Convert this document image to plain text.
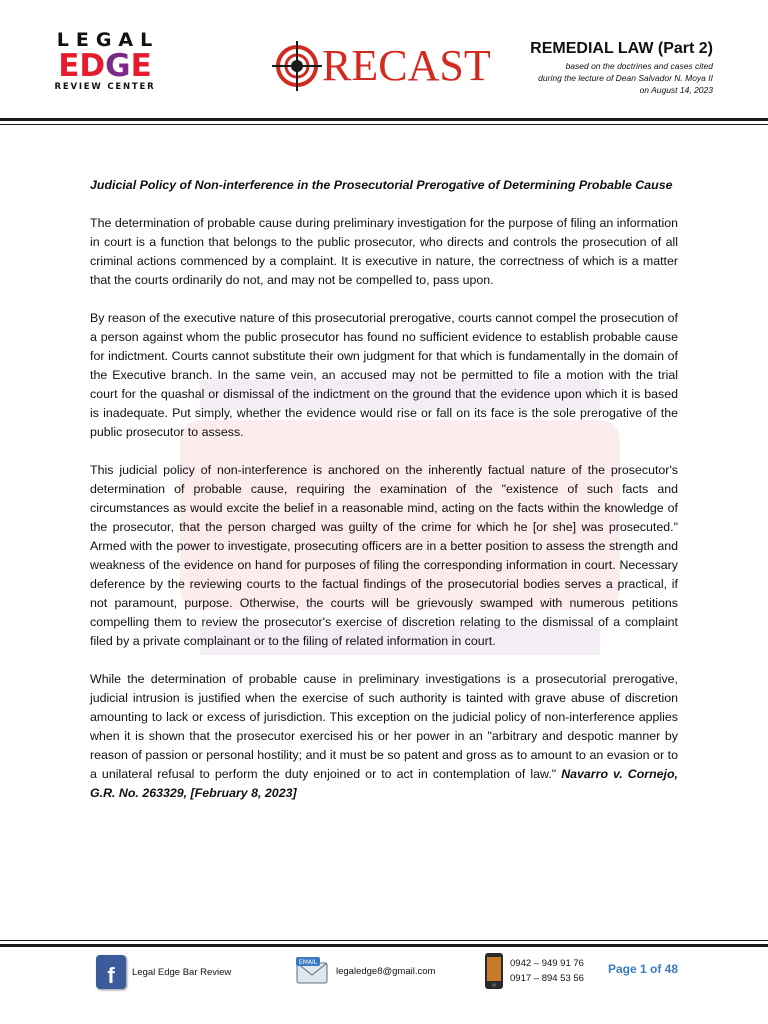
LEGAL
EDGE
REVIEW CENTER	RECAST REMEDIAL LAW (Part 2)
based on the doctrines and cases cited
during the lecture of Dean Salvador N. Moya II
on August 14, 2023
Judicial Policy of Non-interference in the Prosecutorial Prerogative of Determining Probable Cause

The determination of probable cause during preliminary investigation for the purpose of filing an information in court is a function that belongs to the public prosecutor, who directs and controls the prosecution of all criminal actions commenced by a complaint. It is executive in nature, the correctness of which is a matter that the courts ordinarily do not, and may not be compelled to, pass upon.

By reason of the executive nature of this prosecutorial prerogative, courts cannot compel the prosecution of a person against whom the public prosecutor has found no sufficient evidence to establish probable cause for indictment. Courts cannot substitute their own judgment for that which is fundamentally in the domain of the Executive branch. In the same vein, an accused may not be permitted to file a motion with the trial court for the quashal or dismissal of the indictment on the ground that the evidence upon which it is based is inadequate. Put simply, whether the evidence would rise or fall on its face is the sole prerogative of the public prosecutor to assess.

This judicial policy of non-interference is anchored on the inherently factual nature of the prosecutor's determination of probable cause, requiring the examination of the "existence of such facts and circumstances as would excite the belief in a reasonable mind, acting on the facts within the knowledge of the prosecutor, that the person charged was guilty of the crime for which he [or she] was prosecuted." Armed with the power to investigate, prosecuting officers are in a better position to assess the strength and weakness of the evidence on hand for purposes of filing the corresponding information in court. Necessary deference by the reviewing courts to the factual findings of the prosecutorial bodies serves a practical, if not paramount, purpose. Otherwise, the courts will be grievously swamped with numerous petitions compelling them to review the prosecutor's exercise of discretion relating to the dismissal of a complaint filed by a private complainant or to the filing of related information in court.

While the determination of probable cause in preliminary investigations is a prosecutorial prerogative, judicial intrusion is justified when the exercise of such authority is tainted with grave abuse of discretion amounting to lack or excess of jurisdiction. This exception on the judicial policy of non-interference applies when it is shown that the prosecutor exercised his or her power in an "arbitrary and despotic manner by reason of passion or personal hostility; and it must be so patent and gross as to amount to an evasion or to a unilateral refusal to perform the duty enjoined or to act in contemplation of law." Navarro v. Cornejo, G.R. No. 263329, [February 8, 2023]

f	Legal Edge Bar Review
EMAIL
legaledge8@gmail.com
0942 – 949 91 76
0917 – 894 53 56
Page 1 of 48
